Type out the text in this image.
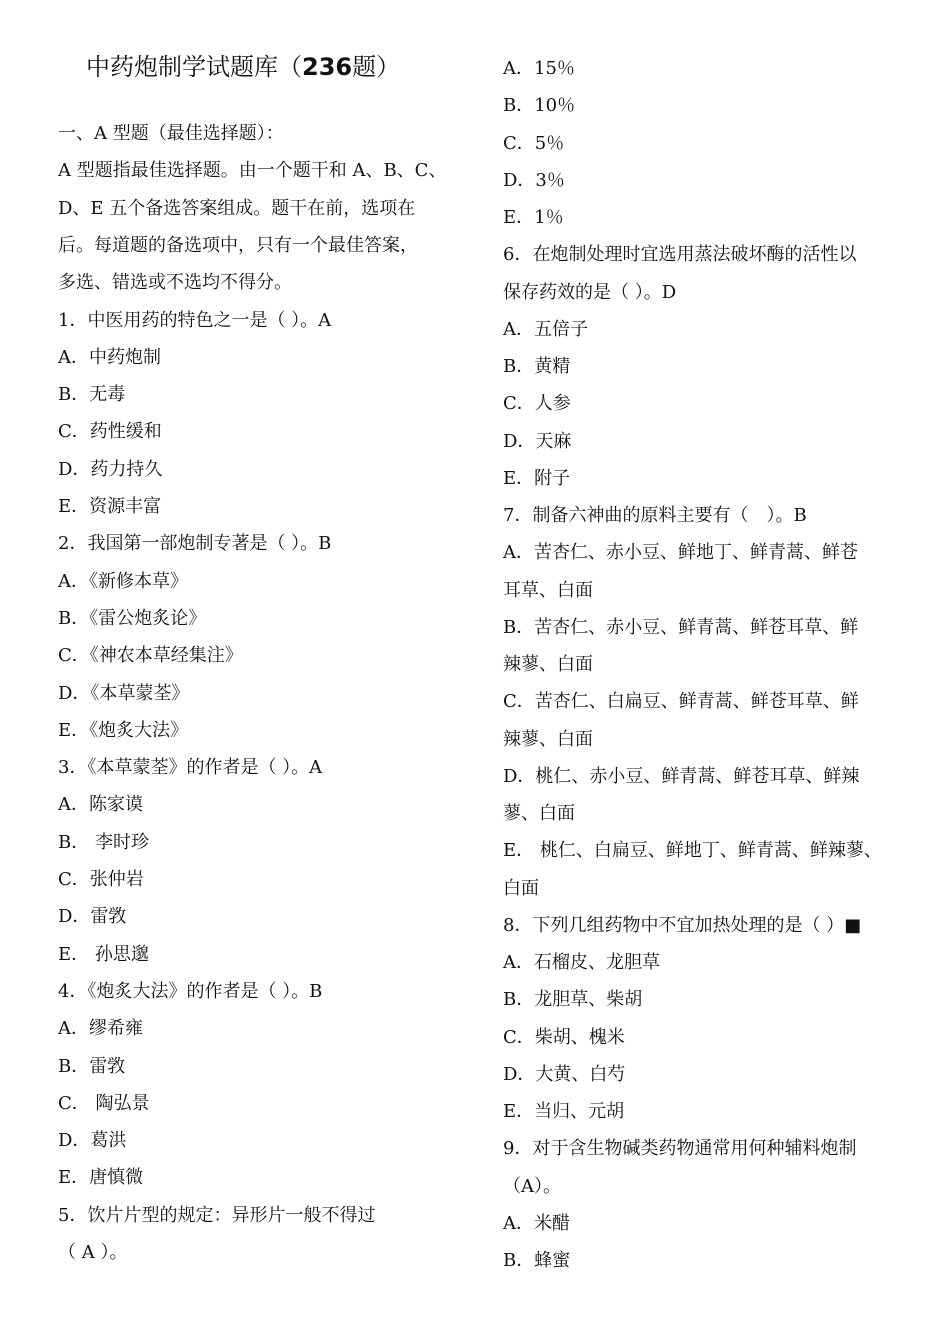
中药炮制学试题库（236题）
一、A 型题（最佳选择题）：
A 型题指最佳选择题。由一个题干和 A、B、C、
D、E 五个备选答案组成。题干在前，选项在
后。每道题的备选项中，只有一个最佳答案，
多选、错选或不选均不得分。
1．中医用药的特色之一是（ ）。A
A．中药炮制
B．无毒
C．药性缓和
D．药力持久
E．资源丰富
2．我国第一部炮制专著是（ ）。B
A．《新修本草》
B．《雷公炮炙论》
C．《神农本草经集注》
D．《本草蒙荃》
E．《炮炙大法》
3．《本草蒙荃》的作者是（ ）。A
A．陈家谟
B． 李时珍
C．张仲岩
D．雷敩
E． 孙思邈
4．《炮炙大法》的作者是（ ）。B
A．缪希雍
B．雷敩
C． 陶弘景
D．葛洪
E．唐慎微
5．饮片片型的规定：异形片一般不得过
（ A ）。
A．15％
B．10％
C．5％
D．3％
E．1％
6．在炮制处理时宜选用蒸法破坏酶的活性以
保存药效的是（ ）。D
A．五倍子
B．黄精
C．人参
D．天麻
E．附子
7．制备六神曲的原料主要有（　）。B
A．苦杏仁、赤小豆、鲜地丁、鲜青蒿、鲜苍
耳草、白面
B．苦杏仁、赤小豆、鲜青蒿、鲜苍耳草、鲜
辣蓼、白面
C．苦杏仁、白扁豆、鲜青蒿、鲜苍耳草、鲜
辣蓼、白面
D．桃仁、赤小豆、鲜青蒿、鲜苍耳草、鲜辣
蓼、白面
E． 桃仁、白扁豆、鲜地丁、鲜青蒿、鲜辣蓼、
白面
8．下列几组药物中不宜加热处理的是（ ）■
A．石榴皮、龙胆草
B．龙胆草、柴胡
C．柴胡、槐米
D．大黄、白芍
E．当归、元胡
9．对于含生物碱类药物通常用何种辅料炮制
（A）。
A．米醋
B．蜂蜜
